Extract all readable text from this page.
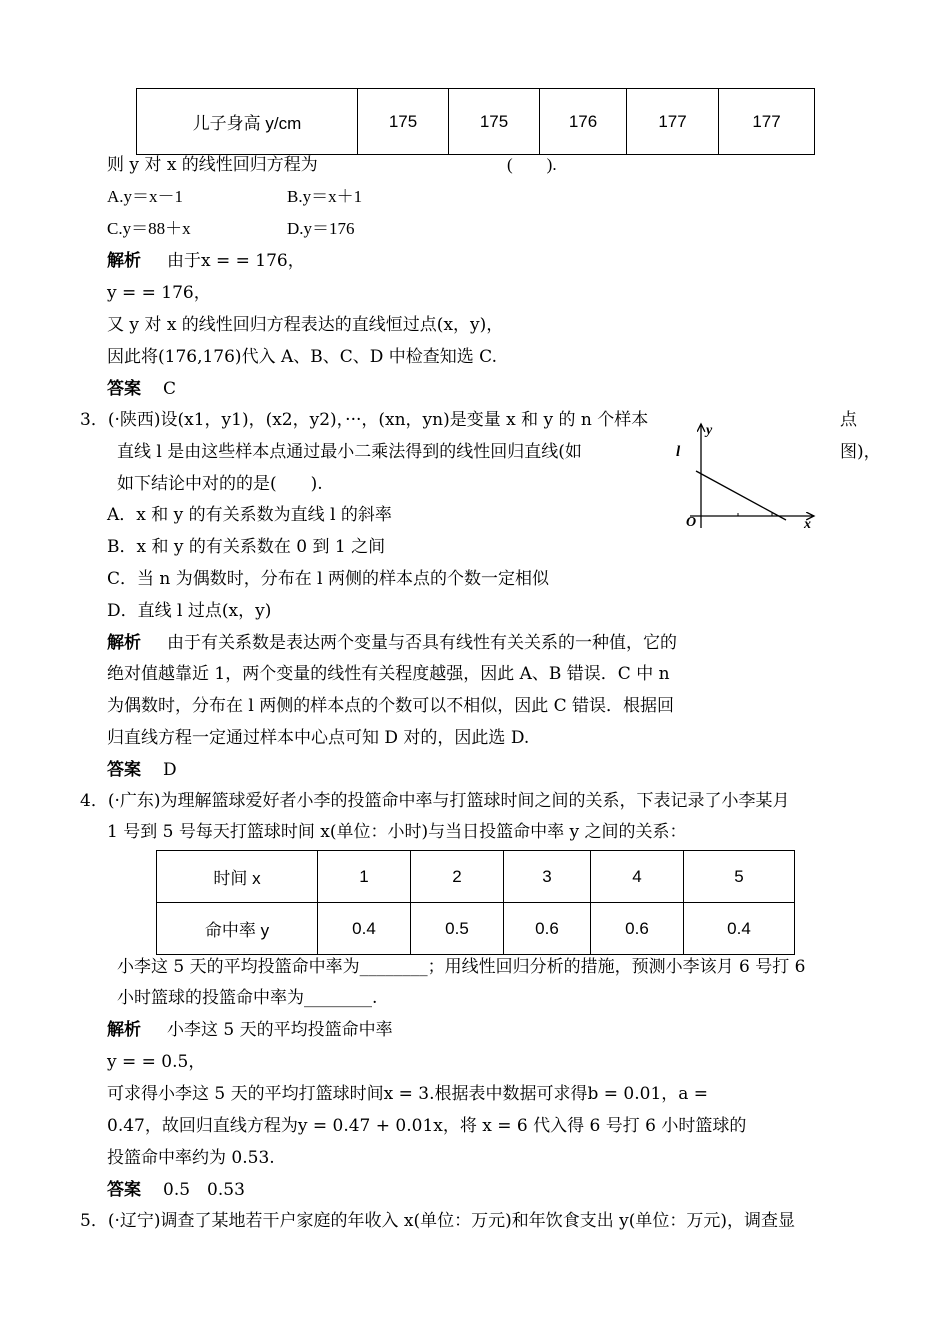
儿子身高 y/cm	175	175	176	177	177
则 y 对 x 的线性回归方程为	(　　).
A.y＝x－1	B.y＝x＋1
C.y＝88＋x	D.y＝176
解析 由于x = = 176，
y = = 176，
又 y 对 x 的线性回归方程表达的直线恒过点(x，y)，
因此将(176,176)代入 A、B、C、D 中检查知选 C.
答案 C
3．(·陕西)设(x1，y1)，(x2，y2)，···，(xn，yn)是变量 x 和 y 的 n 个样本	点
直线 l 是由这些样本点通过最小二乘法得到的线性回归直线(如	图)，
如下结论中对的的是(　　).
A．x 和 y 的有关系数为直线 l 的斜率
B．x 和 y 的有关系数在 0 到 1 之间
C．当 n 为偶数时，分布在 l 两侧的样本点的个数一定相似
D．直线 l 过点(x，y)
解析 由于有关系数是表达两个变量与否具有线性有关关系的一种值，它的
绝对值越靠近 1，两个变量的线性有关程度越强，因此 A、B 错误．C 中 n
为偶数时，分布在 l 两侧的样本点的个数可以不相似，因此 C 错误．根据回
归直线方程一定通过样本中心点可知 D 对的，因此选 D.
答案 D
y
l
O	x
4．(·广东)为理解篮球爱好者小李的投篮命中率与打篮球时间之间的关系，下表记录了小李某月
1 号到 5 号每天打篮球时间 x(单位：小时)与当日投篮命中率 y 之间的关系：
时间 x	1	2	3	4	5
命中率 y	0.4	0.5	0.6	0.6	0.4
小李这 5 天的平均投篮命中率为________；用线性回归分析的措施，预测小李该月 6 号打 6
小时篮球的投篮命中率为________.
解析 小李这 5 天的平均投篮命中率
y = = 0.5，
可求得小李这 5 天的平均打篮球时间x = 3.根据表中数据可求得b = 0.01，a =
0.47，故回归直线方程为y = 0.47 + 0.01x，将 x = 6 代入得 6 号打 6 小时篮球的
投篮命中率约为 0.53.
答案 0.5　0.53
5．(·辽宁)调查了某地若干户家庭的年收入 x(单位：万元)和年饮食支出 y(单位：万元)，调查显
